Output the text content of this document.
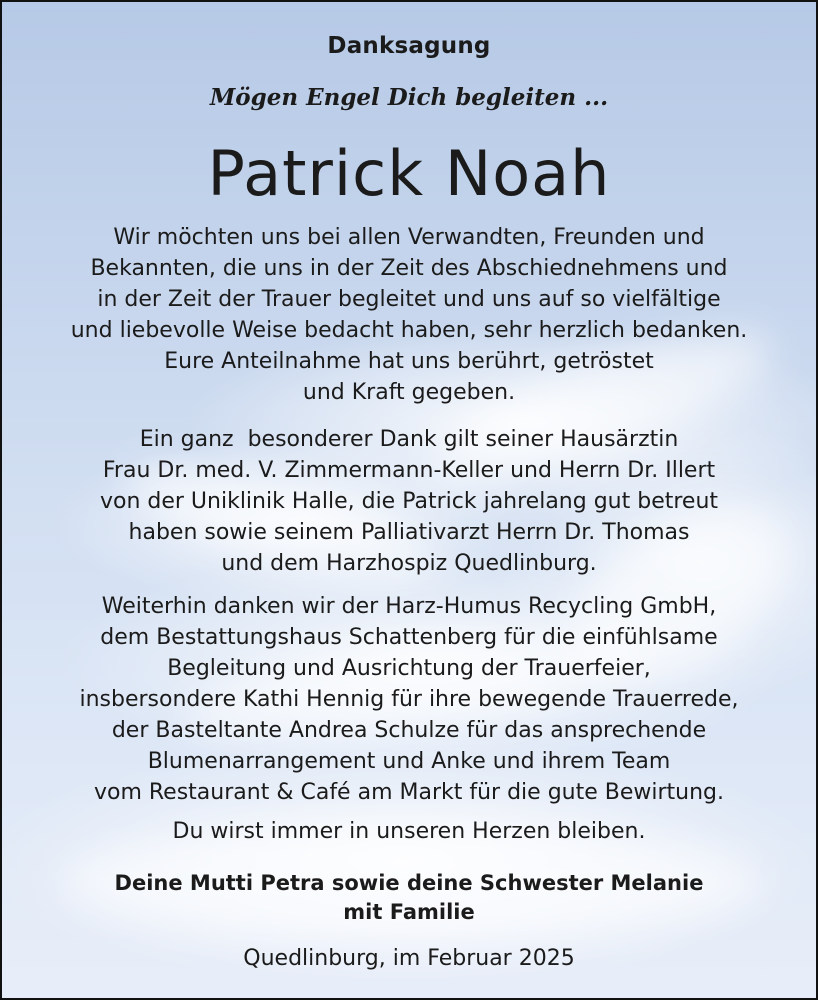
Danksagung
Mögen Engel Dich begleiten ...
Patrick Noah
Wir möchten uns bei allen Verwandten, Freunden und
Bekannten, die uns in der Zeit des Abschiednehmens und
in der Zeit der Trauer begleitet und uns auf so vielfältige
und liebevolle Weise bedacht haben, sehr herzlich bedanken.
Eure Anteilnahme hat uns berührt, getröstet
und Kraft gegeben.
Ein ganz  besonderer Dank gilt seiner Hausärztin
Frau Dr. med. V. Zimmermann-Keller und Herrn Dr. Illert
von der Uniklinik Halle, die Patrick jahrelang gut betreut
haben sowie seinem Palliativarzt Herrn Dr. Thomas
und dem Harzhospiz Quedlinburg.
Weiterhin danken wir der Harz-Humus Recycling GmbH,
dem Bestattungshaus Schattenberg für die einfühlsame
Begleitung und Ausrichtung der Trauerfeier,
insbersondere Kathi Hennig für ihre bewegende Trauerrede,
der Basteltante Andrea Schulze für das ansprechende
Blumenarrangement und Anke und ihrem Team
vom Restaurant & Café am Markt für die gute Bewirtung.
Du wirst immer in unseren Herzen bleiben.
Deine Mutti Petra sowie deine Schwester Melanie
mit Familie
Quedlinburg, im Februar 2025
